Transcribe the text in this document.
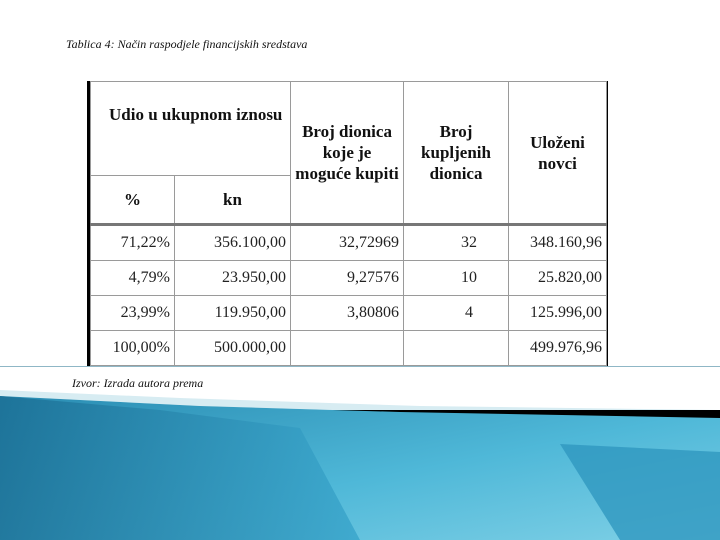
Tablica 4: Način raspodjele financijskih sredstava
Udio u ukupnom iznosu		Broj dionica koje je moguće kupiti	Broj kupljenih dionica	Uloženi novci
%	kn			
71,22%	356.100,00	32,72969	32	348.160,96
4,79%	23.950,00	9,27576	10	25.820,00
23,99%	119.950,00	3,80806	4	125.996,00
100,00%	500.000,00			499.976,96
Izvor: Izrada autora prema
